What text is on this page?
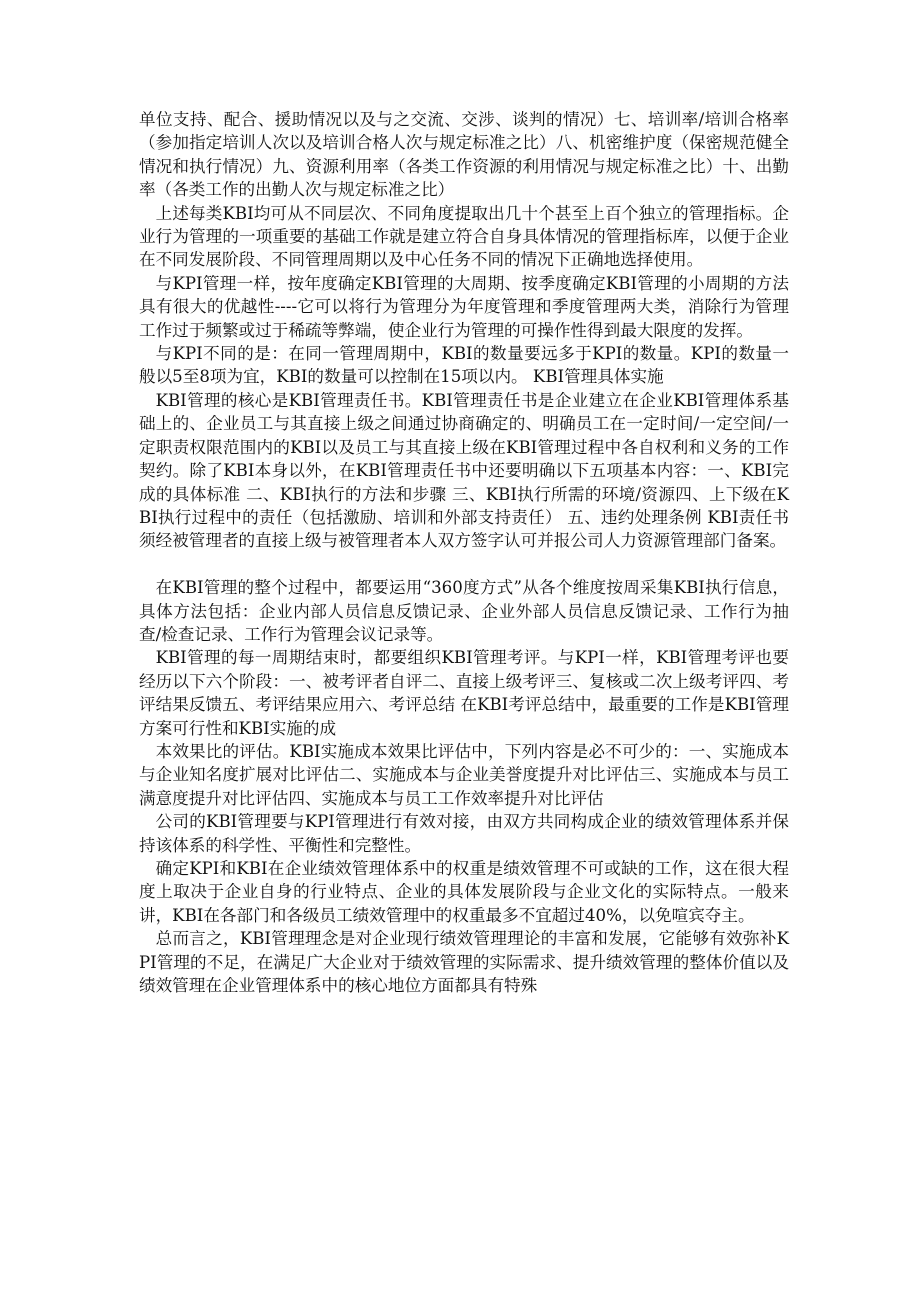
单位支持、配合、援助情况以及与之交流、交涉、谈判的情况）七、培训率/培训合格率（参加指定培训人次以及培训合格人次与规定标准之比）八、机密维护度（保密规范健全情况和执行情况）九、资源利用率（各类工作资源的利用情况与规定标准之比）十、出勤率（各类工作的出勤人次与规定标准之比）

上述每类KBI均可从不同层次、不同角度提取出几十个甚至上百个独立的管理指标。企业行为管理的一项重要的基础工作就是建立符合自身具体情况的管理指标库，以便于企业在不同发展阶段、不同管理周期以及中心任务不同的情况下正确地选择使用。

与KPI管理一样，按年度确定KBI管理的大周期、按季度确定KBI管理的小周期的方法具有很大的优越性----它可以将行为管理分为年度管理和季度管理两大类，消除行为管理工作过于频繁或过于稀疏等弊端，使企业行为管理的可操作性得到最大限度的发挥。

与KPI不同的是：在同一管理周期中，KBI的数量要远多于KPI的数量。KPI的数量一般以5至8项为宜，KBI的数量可以控制在15项以内。 KBI管理具体实施

KBI管理的核心是KBI管理责任书。KBI管理责任书是企业建立在企业KBI管理体系基础上的、企业员工与其直接上级之间通过协商确定的、明确员工在一定时间/一定空间/一定职责权限范围内的KBI以及员工与其直接上级在KBI管理过程中各自权利和义务的工作契约。除了KBI本身以外，在KBI管理责任书中还要明确以下五项基本内容：一、KBI完成的具体标准 二、KBI执行的方法和步骤 三、KBI执行所需的环境/资源四、上下级在KBI执行过程中的责任（包括激励、培训和外部支持责任） 五、违约处理条例 KBI责任书须经被管理者的直接上级与被管理者本人双方签字认可并报公司人力资源管理部门备案。

在KBI管理的整个过程中，都要运用“360度方式”从各个维度按周采集KBI执行信息，具体方法包括：企业内部人员信息反馈记录、企业外部人员信息反馈记录、工作行为抽查/检查记录、工作行为管理会议记录等。

KBI管理的每一周期结束时，都要组织KBI管理考评。与KPI一样，KBI管理考评也要经历以下六个阶段：一、被考评者自评二、直接上级考评三、复核或二次上级考评四、考评结果反馈五、考评结果应用六、考评总结 在KBI考评总结中，最重要的工作是KBI管理方案可行性和KBI实施的成

本效果比的评估。KBI实施成本效果比评估中，下列内容是必不可少的：一、实施成本与企业知名度扩展对比评估二、实施成本与企业美誉度提升对比评估三、实施成本与员工满意度提升对比评估四、实施成本与员工工作效率提升对比评估

公司的KBI管理要与KPI管理进行有效对接，由双方共同构成企业的绩效管理体系并保持该体系的科学性、平衡性和完整性。

确定KPI和KBI在企业绩效管理体系中的权重是绩效管理不可或缺的工作，这在很大程度上取决于企业自身的行业特点、企业的具体发展阶段与企业文化的实际特点。一般来讲，KBI在各部门和各级员工绩效管理中的权重最多不宜超过40%，以免喧宾夺主。

总而言之，KBI管理理念是对企业现行绩效管理理论的丰富和发展，它能够有效弥补KPI管理的不足，在满足广大企业对于绩效管理的实际需求、提升绩效管理的整体价值以及绩效管理在企业管理体系中的核心地位方面都具有特殊
